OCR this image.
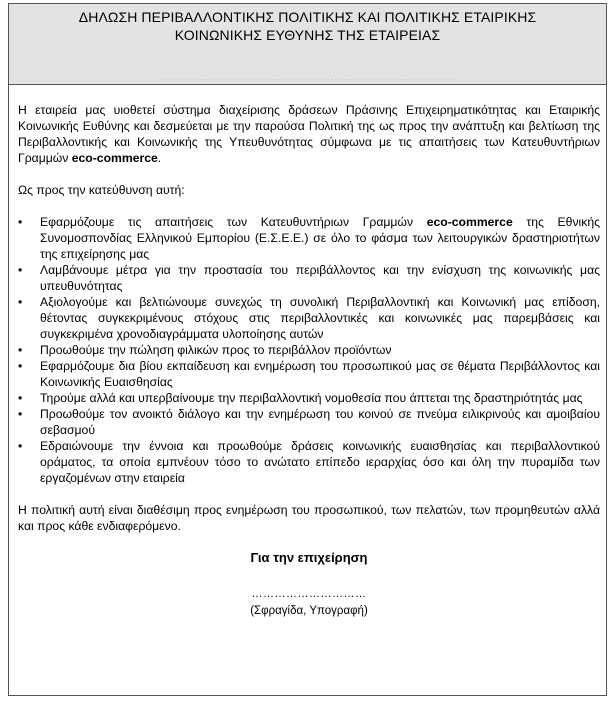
ΔΗΛΩΣΗ ΠΕΡΙΒΑΛΛΟΝΤΙΚΗΣ ΠΟΛΙΤΙΚΗΣ ΚΑΙ ΠΟΛΙΤΙΚΗΣ ΕΤΑΙΡΙΚΗΣ
ΚΟΙΝΩΝΙΚΗΣ ΕΥΘΥΝΗΣ ΤΗΣ ΕΤΑΙΡΕΙΑΣ
..........................................................................................

Η εταιρεία μας υιοθετεί σύστημα διαχείρισης δράσεων Πράσινης Επιχειρηματικότητας και Εταιρικής Κοινωνικής Ευθύνης και δεσμεύεται με την παρούσα Πολιτική της ως προς την ανάπτυξη και βελτίωση της Περιβαλλοντικής και Κοινωνικής της Υπευθυνότητας σύμφωνα με τις απαιτήσεις των Κατευθυντήριων Γραμμών eco-commerce.

Ως προς την κατεύθυνση αυτή:

• Εφαρμόζουμε τις απαιτήσεις των Κατευθυντήριων Γραμμών eco-commerce της Εθνικής Συνομοσπονδίας Ελληνικού Εμπορίου (Ε.Σ.Ε.Ε.) σε όλο το φάσμα των λειτουργικών δραστηριοτήτων της επιχείρησης μας
• Λαμβάνουμε μέτρα για την προστασία του περιβάλλοντος και την ενίσχυση της κοινωνικής μας υπευθυνότητας
• Αξιολογούμε και βελτιώνουμε συνεχώς τη συνολική Περιβαλλοντική και Κοινωνική μας επίδοση, θέτοντας συγκεκριμένους στόχους στις περιβαλλοντικές και κοινωνικές μας παρεμβάσεις και συγκεκριμένα χρονοδιαγράμματα υλοποίησης αυτών
• Προωθούμε την πώληση φιλικών προς το περιβάλλον προϊόντων
• Εφαρμόζουμε δια βίου εκπαίδευση και ενημέρωση του προσωπικού μας σε θέματα Περιβάλλοντος και Κοινωνικής Ευαισθησίας
• Τηρούμε αλλά και υπερβαίνουμε την περιβαλλοντική νομοθεσία που άπτεται της δραστηριότητάς μας
• Προωθούμε τον ανοικτό διάλογο και την ενημέρωση του κοινού σε πνεύμα ειλικρινούς και αμοιβαίου σεβασμού
• Εδραιώνουμε την έννοια και προωθούμε δράσεις κοινωνικής ευαισθησίας και περιβαλλοντικού οράματος, τα οποία εμπνέουν τόσο το ανώτατο επίπεδο ιεραρχίας όσο και όλη την πυραμίδα των εργαζομένων στην εταιρεία

Η πολιτική αυτή είναι διαθέσιμη προς ενημέρωση του προσωπικού, των πελατών, των προμηθευτών αλλά και προς κάθε ενδιαφερόμενο.

Για την επιχείρηση
…………………………
(Σφραγίδα, Υπογραφή)
